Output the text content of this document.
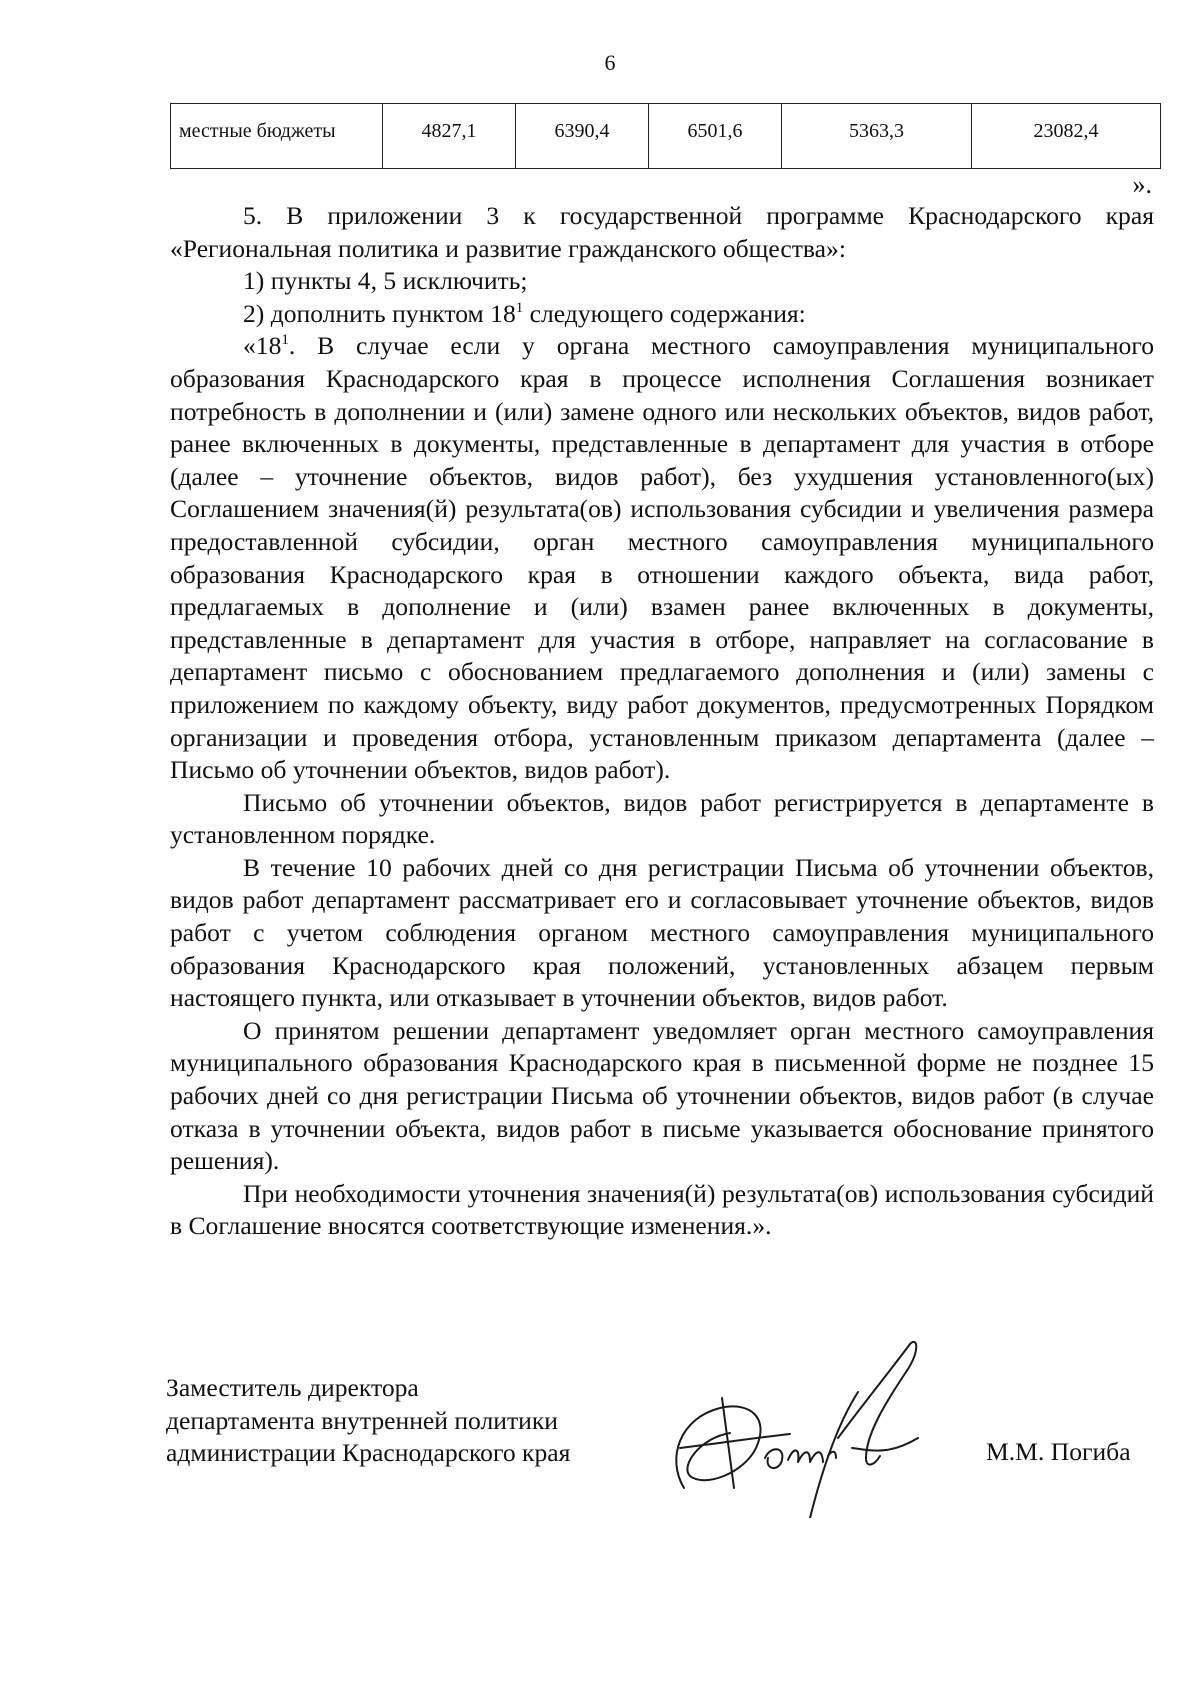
6
местные бюджеты	4827,1	6390,4	6501,6	5363,3	23082,4
».

5. В приложении 3 к государственной программе Краснодарского края «Региональная политика и развитие гражданского общества»:

1) пункты 4, 5 исключить;

2) дополнить пунктом $18^1$ следующего содержания:

«$18^1$. В случае если у органа местного самоуправления муниципального образования Краснодарского края в процессе исполнения Соглашения возникает потребность в дополнении и (или) замене одного или нескольких объектов, видов работ, ранее включенных в документы, представленные в департамент для участия в отборе (далее – уточнение объектов, видов работ), без ухудшения установленного(ых) Соглашением значения(й) результата(ов) использования субсидии и увеличения размера предоставленной субсидии, орган местного самоуправления муниципального образования Краснодарского края в отношении каждого объекта, вида работ, предлагаемых в дополнение и (или) взамен ранее включенных в документы, представленные в департамент для участия в отборе, направляет на согласование в департамент письмо с обоснованием предлагаемого дополнения и (или) замены с приложением по каждому объекту, виду работ документов, предусмотренных Порядком организации и проведения отбора, установленным приказом департамента (далее – Письмо об уточнении объектов, видов работ).

Письмо об уточнении объектов, видов работ регистрируется в департаменте в установленном порядке.

В течение 10 рабочих дней со дня регистрации Письма об уточнении объектов, видов работ департамент рассматривает его и согласовывает уточнение объектов, видов работ с учетом соблюдения органом местного самоуправления муниципального образования Краснодарского края положений, установленных абзацем первым настоящего пункта, или отказывает в уточнении объектов, видов работ.

О принятом решении департамент уведомляет орган местного самоуправления муниципального образования Краснодарского края в письменной форме не позднее 15 рабочих дней со дня регистрации Письма об уточнении объектов, видов работ (в случае отказа в уточнении объекта, видов работ в письме указывается обоснование принятого решения).

При необходимости уточнения значения(й) результата(ов) использования субсидий в Соглашение вносятся соответствующие изменения.».

Заместитель директора
департамента внутренней политики
администрации Краснодарского края	М.М. Погиба
